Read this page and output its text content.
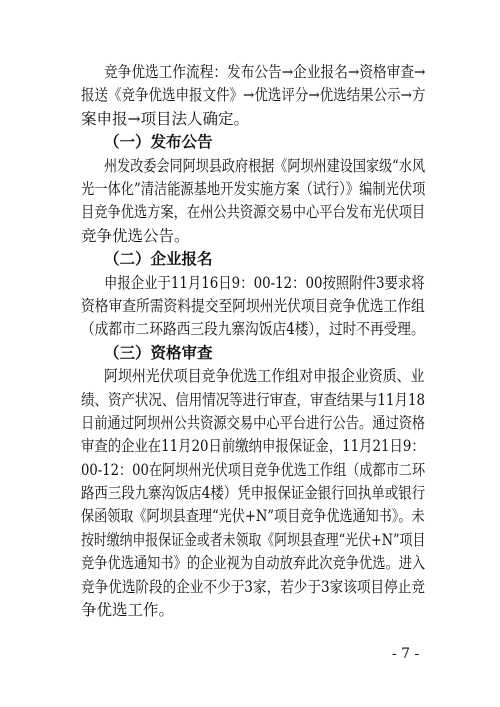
竞争优选工作流程：发布公告→企业报名→资格审查→
报送《竞争优选申报文件》→优选评分→优选结果公示→方
案申报→项目法人确定。
（一）发布公告
州发改委会同阿坝县政府根据《阿坝州建设国家级“水风
光一体化”清洁能源基地开发实施方案（试行）》编制光伏项
目竞争优选方案，在州公共资源交易中心平台发布光伏项目
竞争优选公告。
（二）企业报名
申报企业于11月16日9：00-12：00按照附件3要求将
资格审查所需资料提交至阿坝州光伏项目竞争优选工作组
（成都市二环路西三段九寨沟饭店4楼），过时不再受理。
（三）资格审查
阿坝州光伏项目竞争优选工作组对申报企业资质、业
绩、资产状况、信用情况等进行审查，审查结果与11月18
日前通过阿坝州公共资源交易中心平台进行公告。通过资格
审查的企业在11月20日前缴纳申报保证金，11月21日9：
00-12：00在阿坝州光伏项目竞争优选工作组（成都市二环
路西三段九寨沟饭店4楼）凭申报保证金银行回执单或银行
保函领取《阿坝县查理“光伏+N”项目竞争优选通知书》。未
按时缴纳申报保证金或者未领取《阿坝县查理“光伏+N”项目
竞争优选通知书》的企业视为自动放弃此次竞争优选。进入
竞争优选阶段的企业不少于3家，若少于3家该项目停止竞
争优选工作。
- 7 -
